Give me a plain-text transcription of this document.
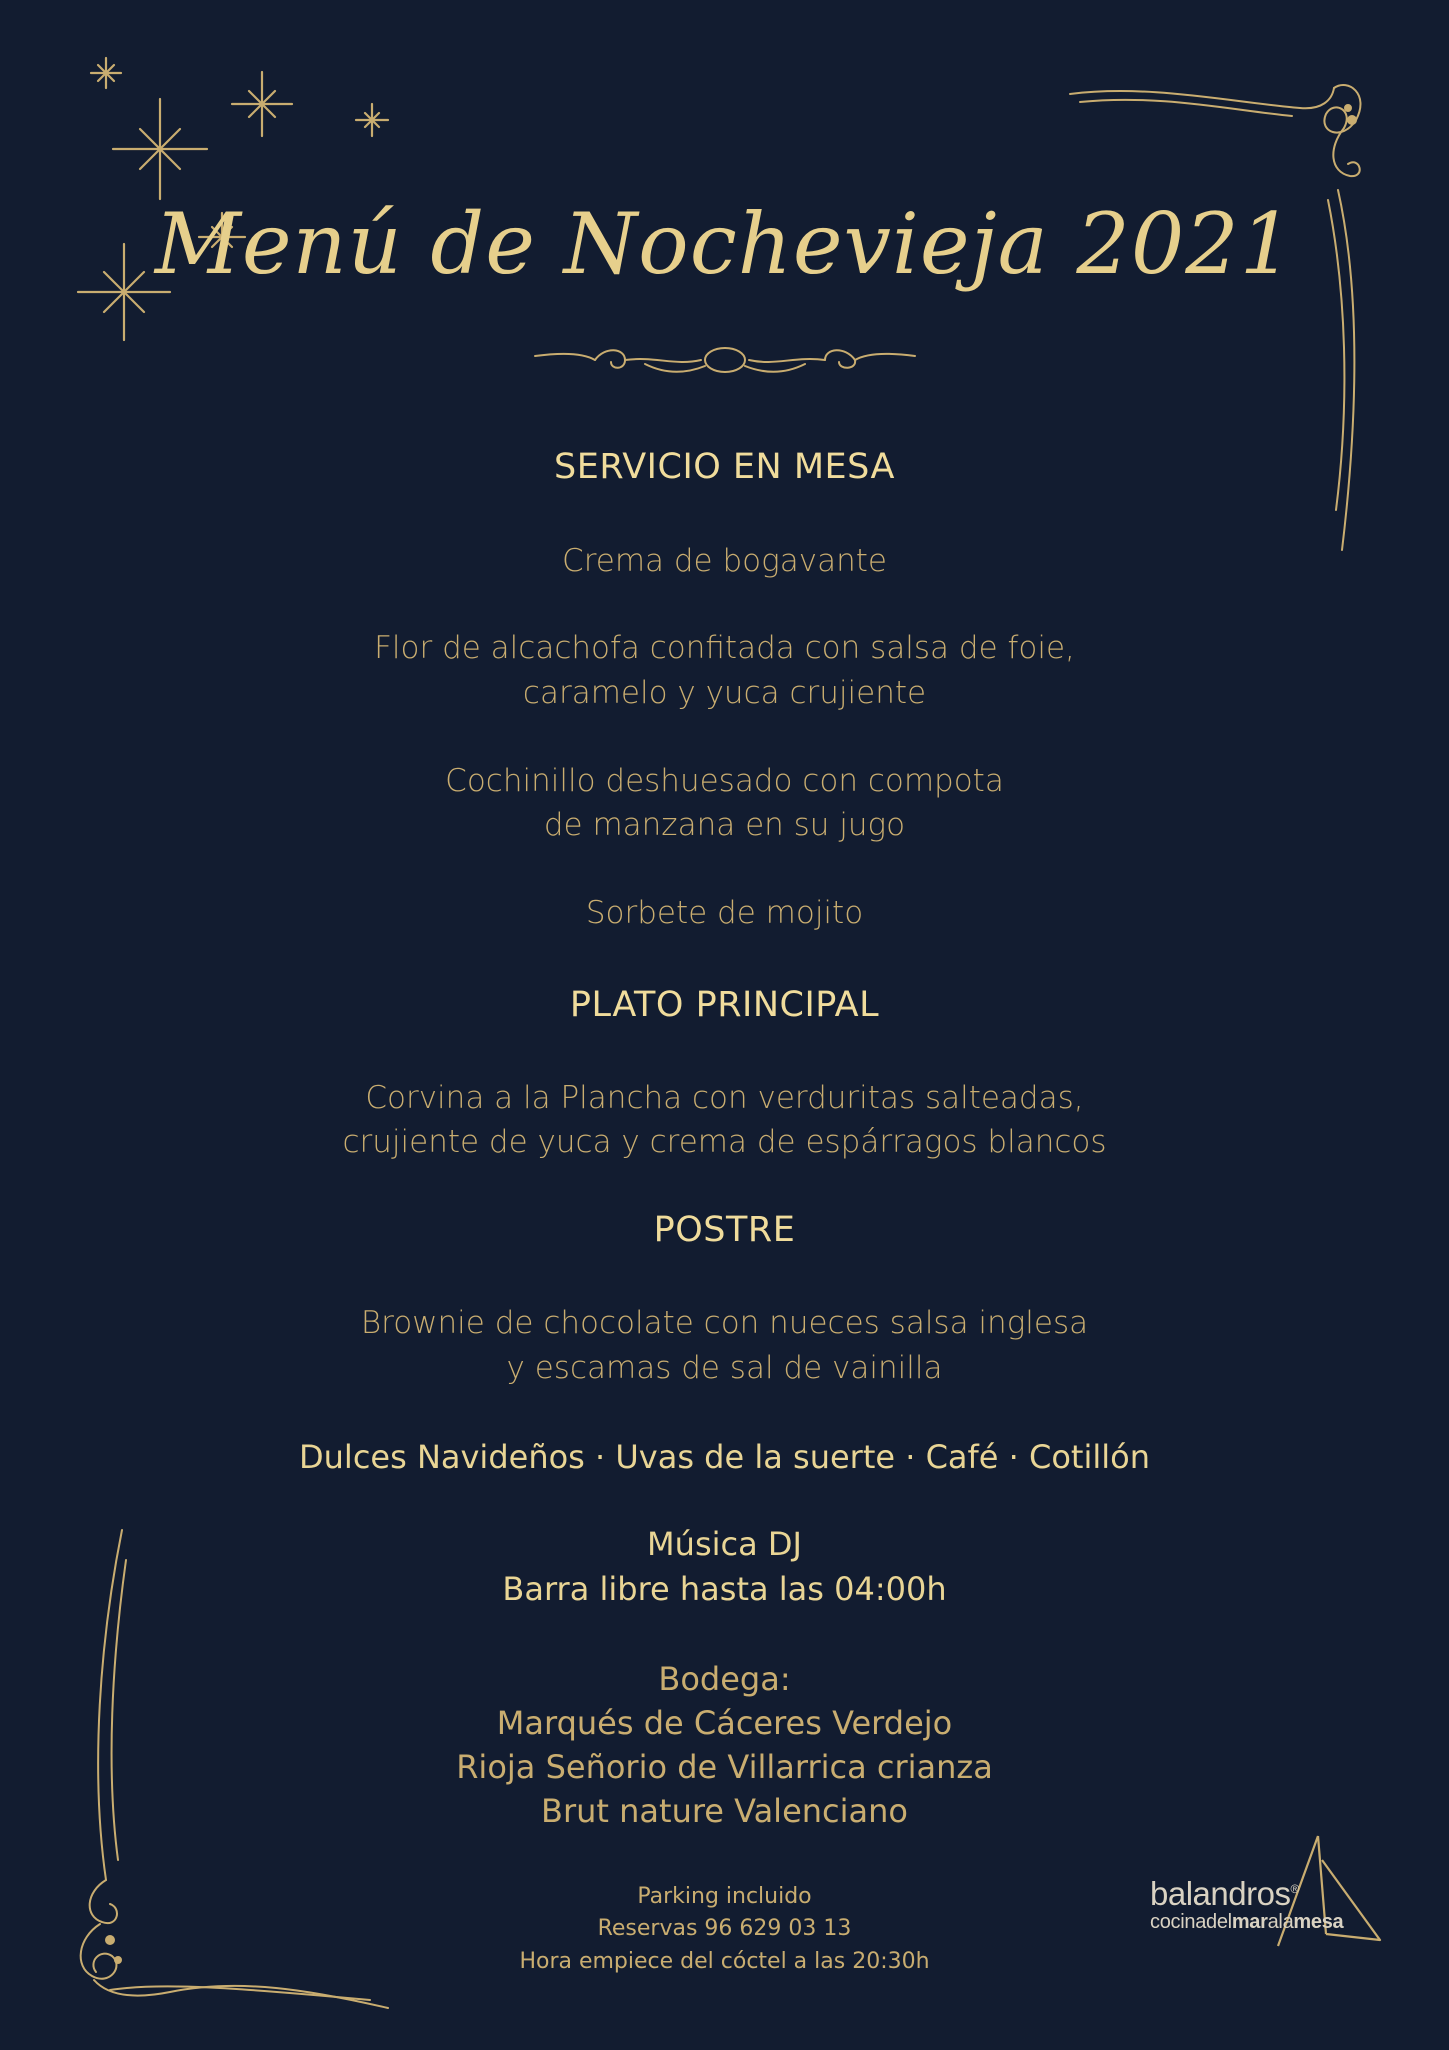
Menú de Nochevieja 2021
SERVICIO EN MESA
Crema de bogavante
Flor de alcachofa confitada con salsa de foie,
caramelo y yuca crujiente
Cochinillo deshuesado con compota
de manzana en su jugo
Sorbete de mojito
PLATO PRINCIPAL
Corvina a la Plancha con verduritas salteadas,
crujiente de yuca y crema de espárragos blancos
POSTRE
Brownie de chocolate con nueces salsa inglesa
y escamas de sal de vainilla
Dulces Navideños · Uvas de la suerte · Café · Cotillón
Música DJ
Barra libre hasta las 04:00h
Bodega:
Marqués de Cáceres Verdejo
Rioja Señorio de Villarrica crianza
Brut nature Valenciano
Parking incluido
Reservas 96 629 03 13
Hora empiece del cóctel a las 20:30h
balandros®
cocinadelmaralamesa
